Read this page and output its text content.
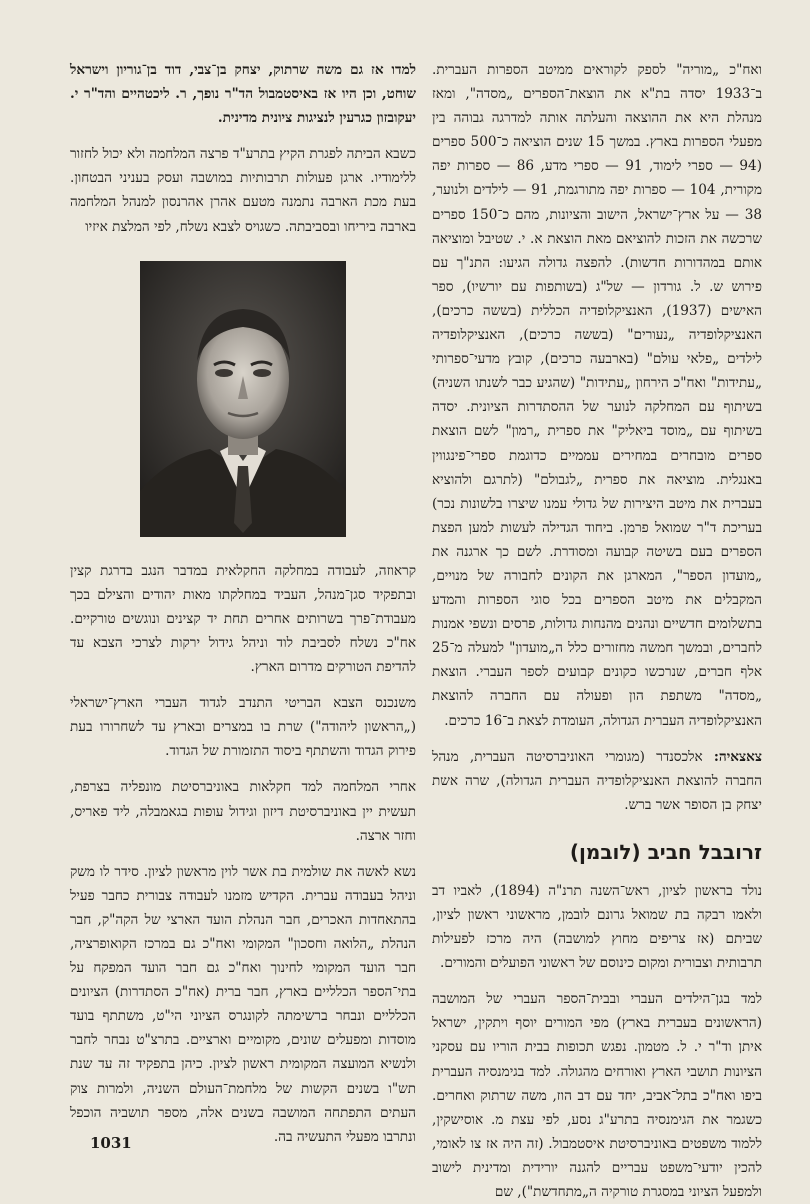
ואח"כ „מוריה" לספק לקוראים ממיטב הספרות העברית. ב־1933 יסדה בת"א את הוצאת־הספרים „מסדה", ומאז מנהלת היא את ההוצאה והעלתה אותה למדרגה גבוהה בין מפעלי הספרות בארץ. במשך 15 שנים הוציאה כ־500 ספרים (94 — ספרי לימוד, 91 — ספרי מדע, 86 — ספרות יפה מקורית, 104 — ספרות יפה מתורגמת, 91 — לילדים ולנוער, 38 — על ארץ־ישראל, הישוב והציונות, מהם כ־150 ספרים שרכשה את הזכות להוציאם מאת הוצאת א. י. שטיבל ומוציאה אותם במהדורות חדשות). להפצה גדולה הגיעו: התנ"ך עם פירוש ש. ל. גורדון — של"ג (בשותפות עם יורשיו), ספר האישים (1937), האנציקלופדיה הכללית (בששה כרכים), האנציקלופדיה „נעורים" (בששה כרכים), האנציקלופדיה לילדים „פלאי עולם" (בארבעה כרכים), קובץ מדעי־ספרותי „עתידות" ואח"כ הירחון „עתידות" (שהגיע כבר לשנתו השניה) בשיתוף עם המחלקה לנוער של ההסתדרות הציונית. יסדה בשיתוף עם „מוסד ביאליק" את ספרית „רמון" לשם הוצאת ספרים מובחרים במחירים עממיים כדוגמת ספרי־פינגווין באנגלית. מוציאה את ספרית „לגבולם" (לתרגם ולהוציא בעברית את מיטב היצירות של גדולי עמנו שיצרו בלשונות נכר) בעריכת ד"ר שמואל פרמן. ביחוד הגדילה לעשות למען הפצת הספרים בעם בשיטה קבועה ומסודרת. לשם כך ארגנה את „מועדון הספר", המארגן את הקונים לחבורה של מנויים, המקבלים את מיטב הספרים בכל סוגי הספרות והמדע בתשלומים חדשיים ונהנים מהנחות גדולות, פרסים ונשפי אמנות לחברים, ובמשך חמשה מחזורים כלל ה„מועדון" למעלה מ־25 אלף חברים, שנרכשו כקונים קבועים לספר העברי. הוצאת „מסדה" משתפת הון ופעולה עם החברה להוצאת האנציקלופדיה העברית הגדולה, העומדת לצאת ב־16 כרכים.

צאצאיה: אלכסנדר (מגומרי האוניברסיטה העברית, מנהל החברה להוצאת האנציקלופדיה העברית הגדולה), שרה אשת יצחק בן הסופר אשר ברש.

זרובבל חביב (לובמן)

נולד בראשון לציון, ראש־השנה תרנ"ה (1894), לאביו דב ולאמו רבקה בת שמואל גרונם לובמן, מראשוני ראשון לציון, שביתם (אז צריפים מחוץ למושבה) היה מרכז לפעילות תרבותית וצבורית ומקום כינוסם של ראשוני הפועלים והמורים.

למד בגן־הילדים העברי ובבית־הספר העברי של המושבה (הראשונים בעברית בארץ) מפי המורים יוסף ויתקין, ישראל איתן וד"ר י. ל. מטמון. נפגש תכופות בבית הוריו עם עסקני הציונות תושבי הארץ ואורחים מהגולה. למד בגימנסיה העברית ביפו ואח"כ בתל־אביב, יחד עם דב הוז, משה שרתוק ואחרים. כשגמר את הגימנסיה בתרע"ג נסע, לפי עצת מ. אוסישקין, ללמוד משפטים באוניברסיטת איסטמבול. (זה היה אז צו לאומי, להכין יודעי־משפט עבריים להגנה יורידית ומדינית לישוב ולמפעל הציוני במסגרת טורקיה ה„מתחדשת"), שם

למדו אז גם משה שרתוק, יצחק בן־צבי, דוד בן־גוריון וישראל שוחט, וכן היו אז באיסטמבול הד"ר נופך, ר. ליכטהיים והד"ר י. יעקובזון כגרעין לנציגות ציונית מדינית.

כשבא הביתה לפגרת הקיץ בתרע"ד פרצה המלחמה ולא יכול לחזור ללימודיו. ארגן פעולות תרבותיות במושבה ועסק בעניני הבטחון. בעת מכת הארבה נתמנה מטעם אהרן אהרנסון למנהל המלחמה בארבה ביריחו ובסביבתה. כשגויס לצבא נשלח, לפי המלצת איזיו

קראוזה, לעבודה במחלקה החקלאית במדבר הנגב בדרגת קצין ובתפקיד סגן־מנהל, העביד במחלקתו מאות יהודים והצילם בכך מעבודת־פרך בשרותים אחרים תחת יד קצינים ונוגשים טורקיים. אח"כ נשלח לסביבת לוד וניהל גידול ירקות לצרכי הצבא עד להדיפת הטורקים מדרום הארץ.

משנכנס הצבא הבריטי התנדב לגדוד העברי הארץ־ישראלי („הראשון ליהודה") שרת בו במצרים ובארץ עד לשחרורו בעת פירוק הגדוד והשתתף ביסוד התזמורת של הגדוד.

אחרי המלחמה למד חקלאות באוניברסיטת מונפליה בצרפת, תעשית יין באוניברסיטת דיזון וגידול עופות בגאמבלה, ליד פאריס, וחזר ארצה.

נשא לאשה את שולמית בת אשר לוין מראשון לציון. סידר לו משק וניהל בעבודה עברית. הקדיש מזמנו לעבודה צבורית כחבר פעיל בהתאחדות האכרים, חבר הנהלת הועד הארצי של הקה"ק, חבר הנהלת „הלואה וחסכון" המקומי ואח"כ גם במרכז הקואופרציה, חבר הועד המקומי לחינוך ואח"כ גם חבר הועד המפקח על בתי־הספר הכלליים בארץ, חבר ברית (אח"כ הסתדרות) הציונים הכלליים ונבחר ברשימתה לקונגרס הציוני הי"ט, משתתף בועד מוסדות ומפעלים שונים, מקומיים וארציים. בתרצ"ט נבחר לחבר ולנשיא המועצה המקומית ראשון לציון. כיהן בתפקיד זה עד שנת תש"ו בשנים הקשות של מלחמת־העולם השניה, ולמרות צוק העתים התפתחה המושבה בשנים אלה, מספר תושביה הוכפל ונתרבו מפעלי התעשיה בה.

1031
